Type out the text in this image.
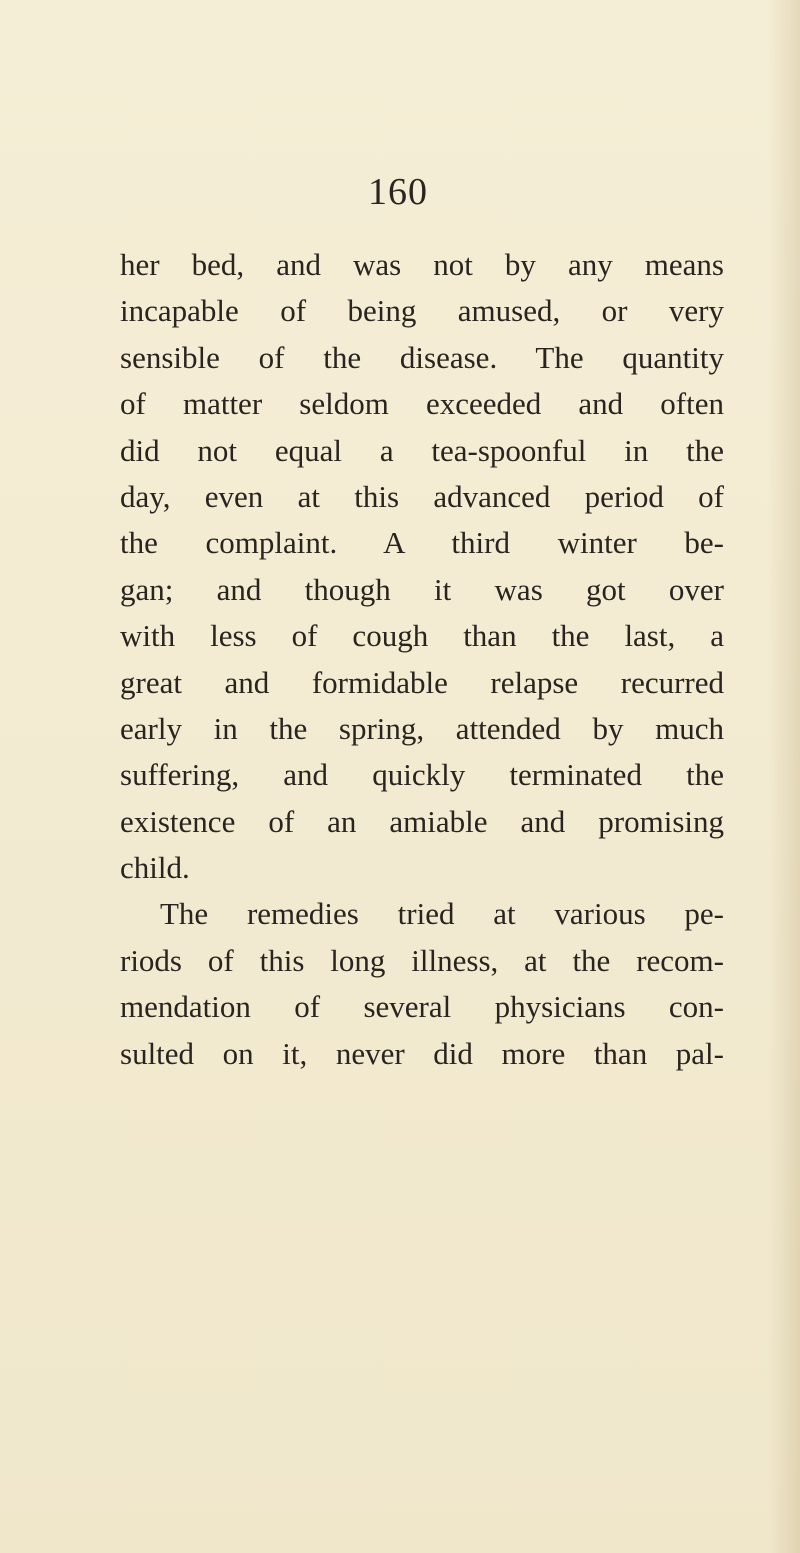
160
her bed, and was not by any means
incapable of being amused, or very
sensible of the disease. The quantity
of matter seldom exceeded and often
did not equal a tea-spoonful in the
day, even at this advanced period of
the complaint. A third winter be-
gan; and though it was got over
with less of cough than the last, a
great and formidable relapse recurred
early in the spring, attended by much
suffering, and quickly terminated the
existence of an amiable and promising
child.
The remedies tried at various pe-
riods of this long illness, at the recom-
mendation of several physicians con-
sulted on it, never did more than pal-
